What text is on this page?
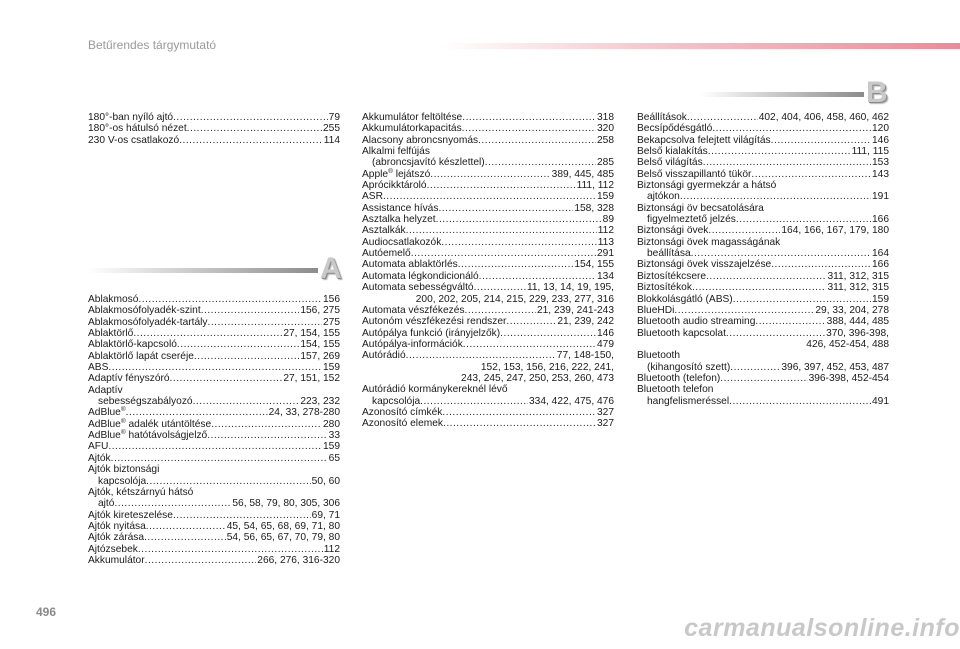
Betűrendes tárgymutató
A
B
180°-ban nyíló ajtó .....	79
180°-os hátulsó nézet .....	255
230 V-os csatlakozó .....	114
Ablakmosó .....	156
Ablakmosófolyadék-szint .....	156, 275
Ablakmosófolyadék-tartály .....	275
Ablaktörlő .....	27, 154, 155
Ablaktörlő-kapcsoló .....	154, 155
Ablaktörlő lapát cseréje .....	157, 269
ABS .....	159
Adaptív fényszóró .....	27, 151, 152
Adaptív
sebességszabályozó .....	223, 232
AdBlue® .....	24, 33, 278-280
AdBlue® adalék utántöltése .....	280
AdBlue® hatótávolságjelző .....	33
AFU .....	159
Ajtók .....	65
Ajtók biztonsági
kapcsolója .....	50, 60
Ajtók, kétszárnyú hátsó
ajtó .....	56, 58, 79, 80, 305, 306
Ajtók kireteszelése .....	69, 71
Ajtók nyitása .....	45, 54, 65, 68, 69, 71, 80
Ajtók zárása .....	54, 56, 65, 67, 70, 79, 80
Ajtózsebek .....	112
Akkumulátor .....	266, 276, 316-320
Akkumulátor feltöltése .....	318
Akkumulátorkapacitás .....	320
Alacsony abroncsnyomás .....	258
Alkalmi felfújás
(abroncsjavító készlettel) .....	285
Apple® lejátszó .....	389, 445, 485
Aprócikktároló .....	111, 112
ASR .....	159
Assistance hívás .....	158, 328
Asztalka helyzet .....	89
Asztalkák .....	112
Audiocsatlakozók .....	113
Autóemelő .....	291
Automata ablaktörlés .....	154, 155
Automata légkondicionáló .....	134
Automata sebességváltó .....	11, 13, 14, 19, 195,
200, 202, 205, 214, 215, 229, 233, 277, 316
Automata vészfékezés .....	21, 239, 241-243
Autonóm vészfékezési rendszer .....	21, 239, 242
Autópálya funkció (irányjelzők) .....	146
Autópálya-információk .....	479
Autórádió .....	77, 148-150,
152, 153, 156, 216, 222, 241,
243, 245, 247, 250, 253, 260, 473
Autórádió kormánykereknél lévő
kapcsolója .....	334, 422, 475, 476
Azonosító címkék .....	327
Azonosító elemek .....	327
Beállítások .....	402, 404, 406, 458, 460, 462
Becsípődésgátló .....	120
Bekapcsolva felejtett világítás .....	146
Belső kialakítás .....	111, 115
Belső világítás .....	153
Belső visszapillantó tükör .....	143
Biztonsági gyermekzár a hátsó
ajtókon .....	191
Biztonsági öv becsatolására
figyelmeztető jelzés .....	166
Biztonsági övek .....	164, 166, 167, 179, 180
Biztonsági övek magasságának
beállítása .....	164
Biztonsági övek visszajelzése .....	166
Biztosítékcsere .....	311, 312, 315
Biztosítékok .....	311, 312, 315
Blokkolásgátló (ABS) .....	159
BlueHDi .....	29, 33, 204, 278
Bluetooth audio streaming .....	388, 444, 485
Bluetooth kapcsolat .....	370, 396-398,
426, 452-454, 488
Bluetooth
(kihangosító szett) .....	396, 397, 452, 453, 487
Bluetooth (telefon) .....	396-398, 452-454
Bluetooth telefon
hangfelismeréssel .....	491
496
carmanualsonline.info
